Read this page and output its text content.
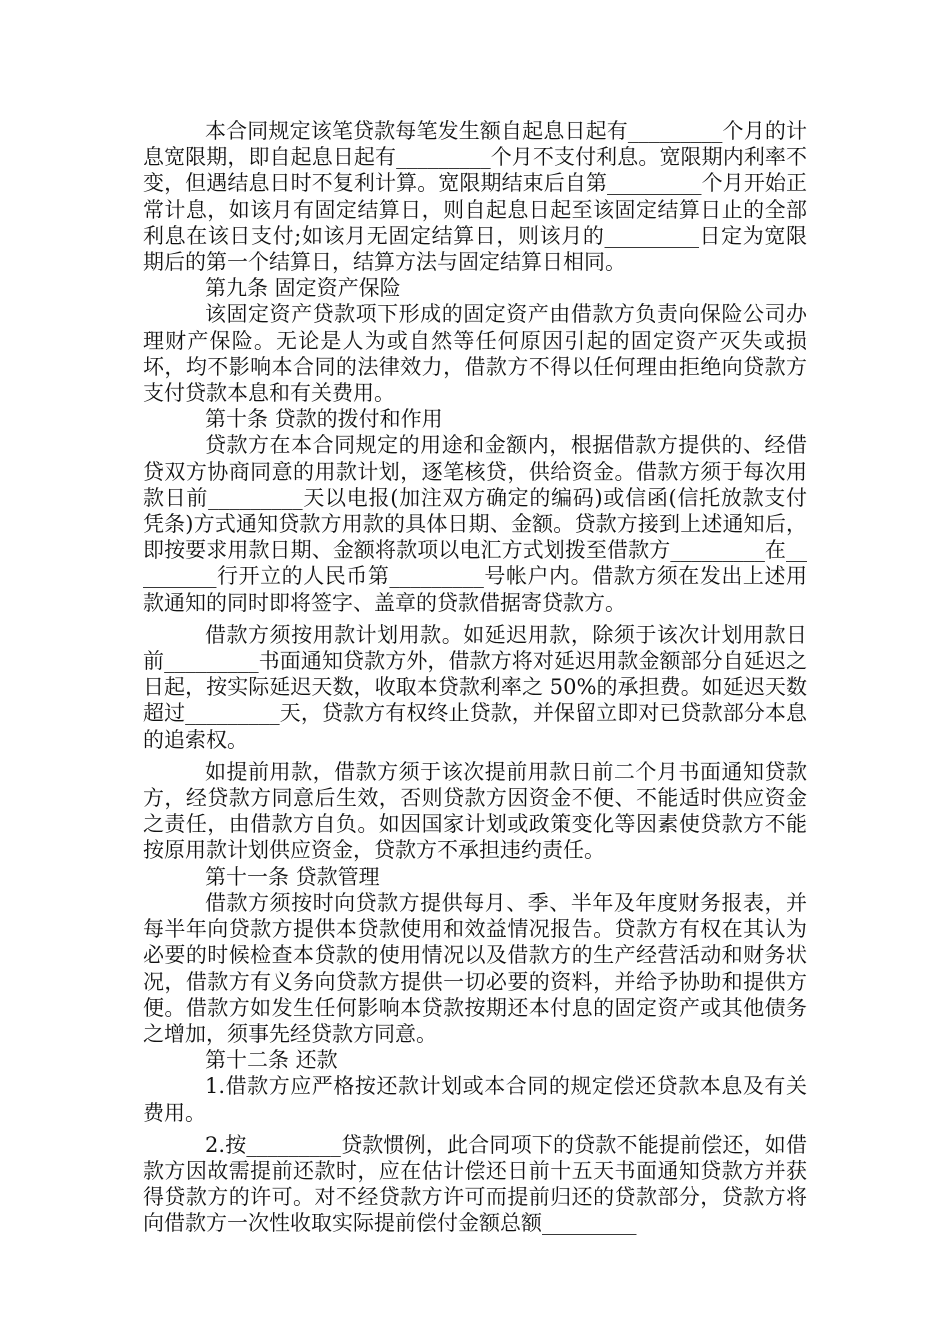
本合同规定该笔贷款每笔发生额自起息日起有_________个月的计息宽限期，即自起息日起有_________个月不支付利息。宽限期内利率不变，但遇结息日时不复利计算。宽限期结束后自第_________个月开始正常计息，如该月有固定结算日，则自起息日起至该固定结算日止的全部利息在该日支付;如该月无固定结算日，则该月的_________日定为宽限期后的第一个结算日，结算方法与固定结算日相同。

第九条 固定资产保险

该固定资产贷款项下形成的固定资产由借款方负责向保险公司办理财产保险。无论是人为或自然等任何原因引起的固定资产灭失或损坏，均不影响本合同的法律效力，借款方不得以任何理由拒绝向贷款方支付贷款本息和有关费用。

第十条 贷款的拨付和作用

贷款方在本合同规定的用途和金额内，根据借款方提供的、经借贷双方协商同意的用款计划，逐笔核贷，供给资金。借款方须于每次用款日前_________天以电报(加注双方确定的编码)或信函(信托放款支付凭条)方式通知贷款方用款的具体日期、金额。贷款方接到上述通知后，即按要求用款日期、金额将款项以电汇方式划拨至借款方_________在_________行开立的人民币第_________号帐户内。借款方须在发出上述用款通知的同时即将签字、盖章的贷款借据寄贷款方。

借款方须按用款计划用款。如延迟用款，除须于该次计划用款日前_________书面通知贷款方外，借款方将对延迟用款金额部分自延迟之日起，按实际延迟天数，收取本贷款利率之 50%的承担费。如延迟天数超过_________天，贷款方有权终止贷款，并保留立即对已贷款部分本息的追索权。

如提前用款，借款方须于该次提前用款日前二个月书面通知贷款方，经贷款方同意后生效，否则贷款方因资金不便、不能适时供应资金之责任，由借款方自负。如因国家计划或政策变化等因素使贷款方不能按原用款计划供应资金，贷款方不承担违约责任。

第十一条 贷款管理

借款方须按时向贷款方提供每月、季、半年及年度财务报表，并每半年向贷款方提供本贷款使用和效益情况报告。贷款方有权在其认为必要的时候检查本贷款的使用情况以及借款方的生产经营活动和财务状况，借款方有义务向贷款方提供一切必要的资料，并给予协助和提供方便。借款方如发生任何影响本贷款按期还本付息的固定资产或其他债务之增加，须事先经贷款方同意。

第十二条 还款

1.借款方应严格按还款计划或本合同的规定偿还贷款本息及有关费用。

2.按_________贷款惯例，此合同项下的贷款不能提前偿还，如借款方因故需提前还款时，应在估计偿还日前十五天书面通知贷款方并获得贷款方的许可。对不经贷款方许可而提前归还的贷款部分，贷款方将向借款方一次性收取实际提前偿付金额总额_________
